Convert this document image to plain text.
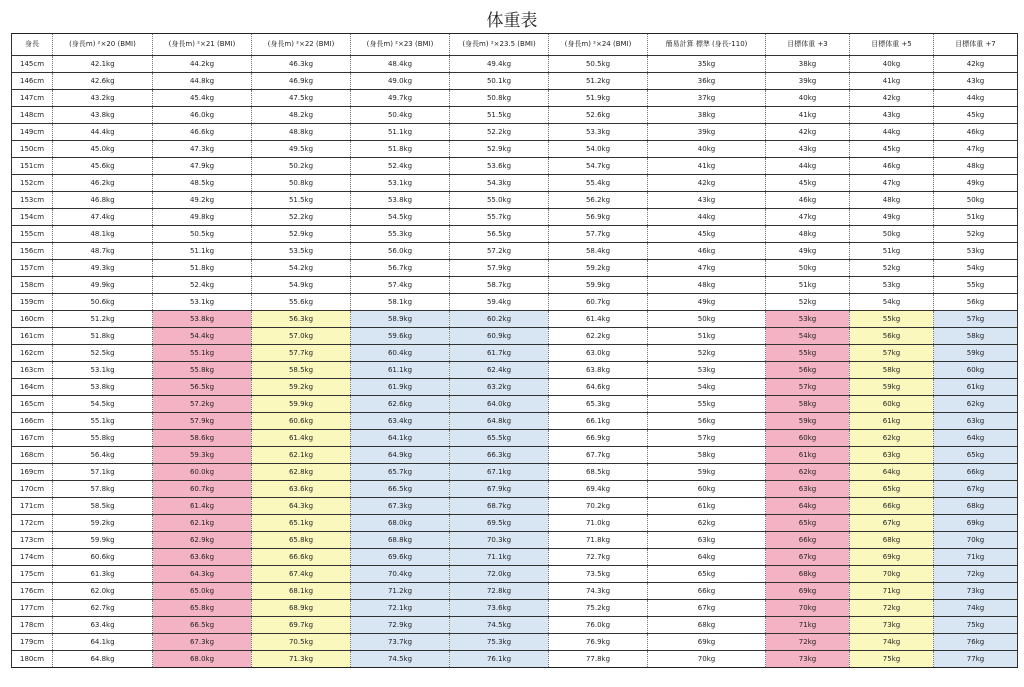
体重表
身長	(身長m) ²×20 (BMI)	(身長m) ²×21 (BMI)	(身長m) ²×22 (BMI)	(身長m) ²×23 (BMI)	(身長m) ²×23.5 (BMI)	(身長m) ²×24 (BMI)	簡易計算 標準 (身長-110)	目標体重 +3	目標体重 +5	目標体重 +7
145cm	42.1kg	44.2kg	46.3kg	48.4kg	49.4kg	50.5kg	35kg	38kg	40kg	42kg
146cm	42.6kg	44.8kg	46.9kg	49.0kg	50.1kg	51.2kg	36kg	39kg	41kg	43kg
147cm	43.2kg	45.4kg	47.5kg	49.7kg	50.8kg	51.9kg	37kg	40kg	42kg	44kg
148cm	43.8kg	46.0kg	48.2kg	50.4kg	51.5kg	52.6kg	38kg	41kg	43kg	45kg
149cm	44.4kg	46.6kg	48.8kg	51.1kg	52.2kg	53.3kg	39kg	42kg	44kg	46kg
150cm	45.0kg	47.3kg	49.5kg	51.8kg	52.9kg	54.0kg	40kg	43kg	45kg	47kg
151cm	45.6kg	47.9kg	50.2kg	52.4kg	53.6kg	54.7kg	41kg	44kg	46kg	48kg
152cm	46.2kg	48.5kg	50.8kg	53.1kg	54.3kg	55.4kg	42kg	45kg	47kg	49kg
153cm	46.8kg	49.2kg	51.5kg	53.8kg	55.0kg	56.2kg	43kg	46kg	48kg	50kg
154cm	47.4kg	49.8kg	52.2kg	54.5kg	55.7kg	56.9kg	44kg	47kg	49kg	51kg
155cm	48.1kg	50.5kg	52.9kg	55.3kg	56.5kg	57.7kg	45kg	48kg	50kg	52kg
156cm	48.7kg	51.1kg	53.5kg	56.0kg	57.2kg	58.4kg	46kg	49kg	51kg	53kg
157cm	49.3kg	51.8kg	54.2kg	56.7kg	57.9kg	59.2kg	47kg	50kg	52kg	54kg
158cm	49.9kg	52.4kg	54.9kg	57.4kg	58.7kg	59.9kg	48kg	51kg	53kg	55kg
159cm	50.6kg	53.1kg	55.6kg	58.1kg	59.4kg	60.7kg	49kg	52kg	54kg	56kg
160cm	51.2kg	53.8kg	56.3kg	58.9kg	60.2kg	61.4kg	50kg	53kg	55kg	57kg
161cm	51.8kg	54.4kg	57.0kg	59.6kg	60.9kg	62.2kg	51kg	54kg	56kg	58kg
162cm	52.5kg	55.1kg	57.7kg	60.4kg	61.7kg	63.0kg	52kg	55kg	57kg	59kg
163cm	53.1kg	55.8kg	58.5kg	61.1kg	62.4kg	63.8kg	53kg	56kg	58kg	60kg
164cm	53.8kg	56.5kg	59.2kg	61.9kg	63.2kg	64.6kg	54kg	57kg	59kg	61kg
165cm	54.5kg	57.2kg	59.9kg	62.6kg	64.0kg	65.3kg	55kg	58kg	60kg	62kg
166cm	55.1kg	57.9kg	60.6kg	63.4kg	64.8kg	66.1kg	56kg	59kg	61kg	63kg
167cm	55.8kg	58.6kg	61.4kg	64.1kg	65.5kg	66.9kg	57kg	60kg	62kg	64kg
168cm	56.4kg	59.3kg	62.1kg	64.9kg	66.3kg	67.7kg	58kg	61kg	63kg	65kg
169cm	57.1kg	60.0kg	62.8kg	65.7kg	67.1kg	68.5kg	59kg	62kg	64kg	66kg
170cm	57.8kg	60.7kg	63.6kg	66.5kg	67.9kg	69.4kg	60kg	63kg	65kg	67kg
171cm	58.5kg	61.4kg	64.3kg	67.3kg	68.7kg	70.2kg	61kg	64kg	66kg	68kg
172cm	59.2kg	62.1kg	65.1kg	68.0kg	69.5kg	71.0kg	62kg	65kg	67kg	69kg
173cm	59.9kg	62.9kg	65.8kg	68.8kg	70.3kg	71.8kg	63kg	66kg	68kg	70kg
174cm	60.6kg	63.6kg	66.6kg	69.6kg	71.1kg	72.7kg	64kg	67kg	69kg	71kg
175cm	61.3kg	64.3kg	67.4kg	70.4kg	72.0kg	73.5kg	65kg	68kg	70kg	72kg
176cm	62.0kg	65.0kg	68.1kg	71.2kg	72.8kg	74.3kg	66kg	69kg	71kg	73kg
177cm	62.7kg	65.8kg	68.9kg	72.1kg	73.6kg	75.2kg	67kg	70kg	72kg	74kg
178cm	63.4kg	66.5kg	69.7kg	72.9kg	74.5kg	76.0kg	68kg	71kg	73kg	75kg
179cm	64.1kg	67.3kg	70.5kg	73.7kg	75.3kg	76.9kg	69kg	72kg	74kg	76kg
180cm	64.8kg	68.0kg	71.3kg	74.5kg	76.1kg	77.8kg	70kg	73kg	75kg	77kg
